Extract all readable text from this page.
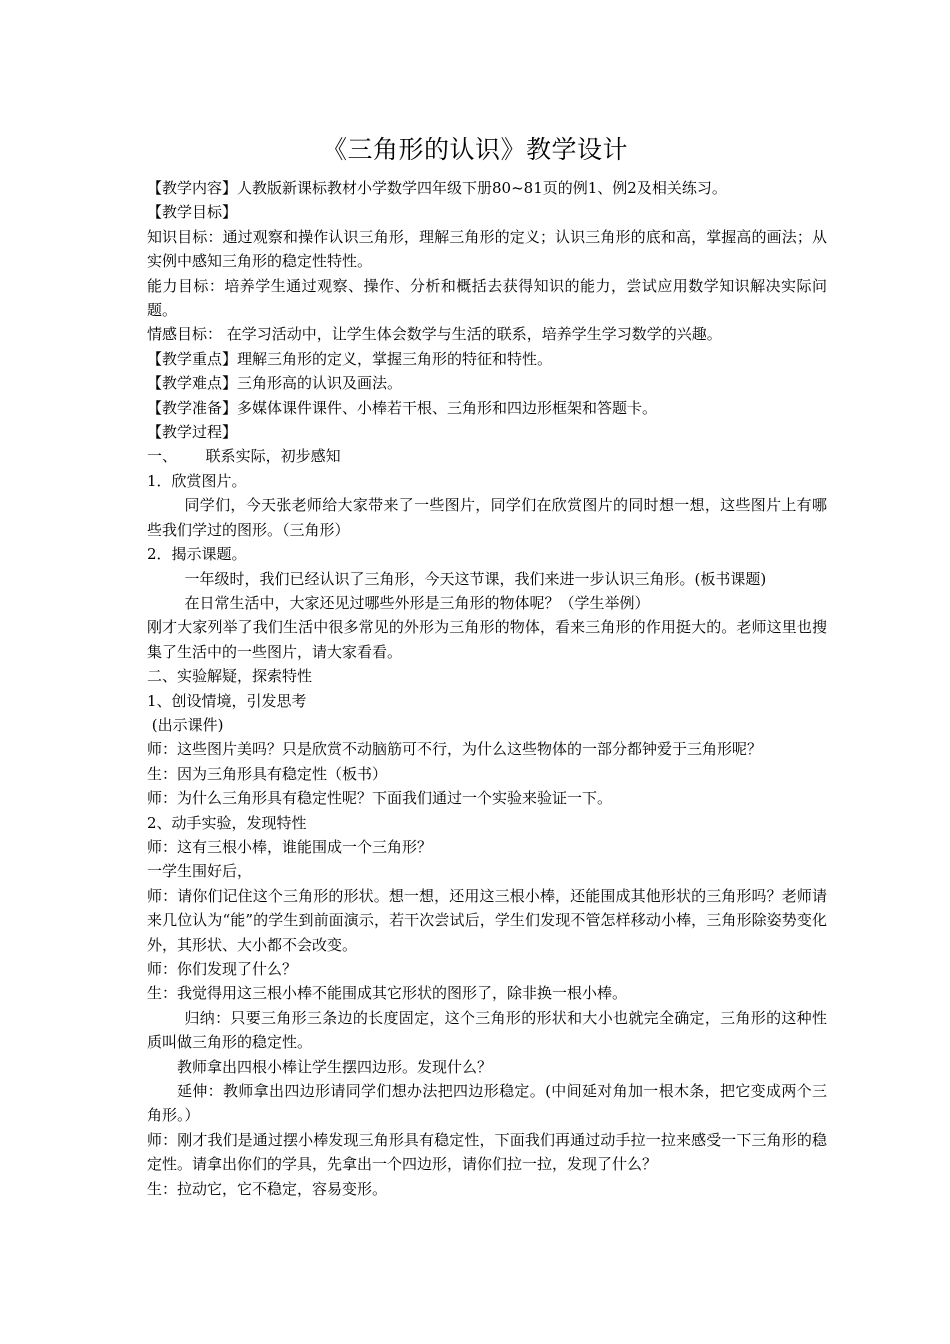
《三角形的认识》教学设计

【教学内容】人教版新课标教材小学数学四年级下册80~81页的例1、例2及相关练习。

【教学目标】

知识目标：通过观察和操作认识三角形，理解三角形的定义；认识三角形的底和高，掌握高的画法；从实例中感知三角形的稳定性特性。

能力目标：培养学生通过观察、操作、分析和概括去获得知识的能力，尝试应用数学知识解决实际问题。

情感目标： 在学习活动中，让学生体会数学与生活的联系，培养学生学习数学的兴趣。

【教学重点】理解三角形的定义，掌握三角形的特征和特性。

【教学难点】三角形高的认识及画法。

【教学准备】多媒体课件课件、小棒若干根、三角形和四边形框架和答题卡。

【教学过程】

一、      联系实际，初步感知

1．欣赏图片。

同学们，今天张老师给大家带来了一些图片，同学们在欣赏图片的同时想一想，这些图片上有哪些我们学过的图形。（三角形）

2．揭示课题。

一年级时，我们已经认识了三角形，今天这节课，我们来进一步认识三角形。(板书课题)

在日常生活中，大家还见过哪些外形是三角形的物体呢？（学生举例）

刚才大家列举了我们生活中很多常见的外形为三角形的物体，看来三角形的作用挺大的。老师这里也搜集了生活中的一些图片，请大家看看。

二、实验解疑，探索特性

1、创设情境，引发思考

(出示课件)

师：这些图片美吗？只是欣赏不动脑筋可不行，为什么这些物体的一部分都钟爱于三角形呢？

生：因为三角形具有稳定性（板书）

师：为什么三角形具有稳定性呢？下面我们通过一个实验来验证一下。

2、动手实验，发现特性

师：这有三根小棒，谁能围成一个三角形？

一学生围好后，

师：请你们记住这个三角形的形状。想一想，还用这三根小棒，还能围成其他形状的三角形吗？老师请来几位认为“能”的学生到前面演示，若干次尝试后，学生们发现不管怎样移动小棒，三角形除姿势变化外，其形状、大小都不会改变。

师：你们发现了什么？

生：我觉得用这三根小棒不能围成其它形状的图形了，除非换一根小棒。

归纳：只要三角形三条边的长度固定，这个三角形的形状和大小也就完全确定，三角形的这种性质叫做三角形的稳定性。

教师拿出四根小棒让学生摆四边形。发现什么？

延伸：教师拿出四边形请同学们想办法把四边形稳定。(中间延对角加一根木条，把它变成两个三角形。）

师：刚才我们是通过摆小棒发现三角形具有稳定性，下面我们再通过动手拉一拉来感受一下三角形的稳定性。请拿出你们的学具，先拿出一个四边形，请你们拉一拉，发现了什么？

生：拉动它，它不稳定，容易变形。
